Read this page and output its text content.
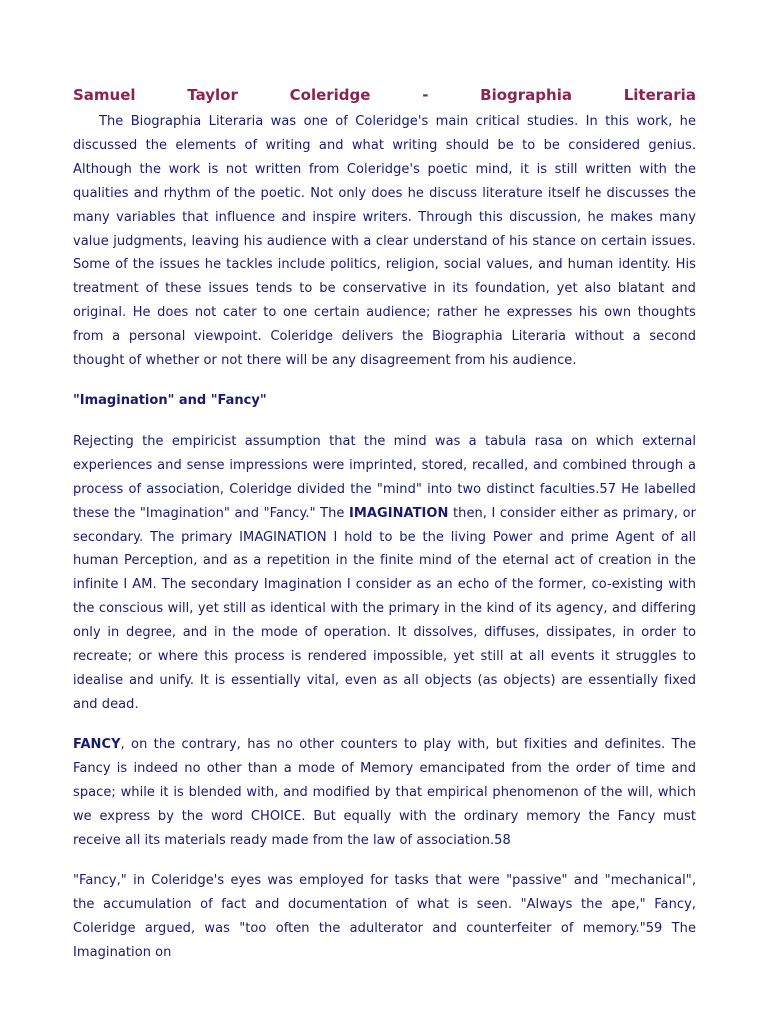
Samuel	Taylor	Coleridge	-	Biographia	Literaria

The Biographia Literaria was one of Coleridge's main critical studies. In this work, he discussed the elements of writing and what writing should be to be considered genius. Although the work is not written from Coleridge's poetic mind, it is still written with the qualities and rhythm of the poetic. Not only does he discuss literature itself he discusses the many variables that influence and inspire writers. Through this discussion, he makes many value judgments, leaving his audience with a clear understand of his stance on certain issues. Some of the issues he tackles include politics, religion, social values, and human identity. His treatment of these issues tends to be conservative in its foundation, yet also blatant and original. He does not cater to one certain audience; rather he expresses his own thoughts from a personal viewpoint. Coleridge delivers the Biographia Literaria without a second thought of whether or not there will be any disagreement from his audience.

"Imagination" and "Fancy"

Rejecting the empiricist assumption that the mind was a tabula rasa on which external experiences and sense impressions were imprinted, stored, recalled, and combined through a process of association, Coleridge divided the "mind" into two distinct faculties.57 He labelled these the "Imagination" and "Fancy." The IMAGINATION then, I consider either as primary, or secondary. The primary IMAGINATION I hold to be the living Power and prime Agent of all human Perception, and as a repetition in the finite mind of the eternal act of creation in the infinite I AM. The secondary Imagination I consider as an echo of the former, co-existing with the conscious will, yet still as identical with the primary in the kind of its agency, and differing only in degree, and in the mode of operation. It dissolves, diffuses, dissipates, in order to recreate; or where this process is rendered impossible, yet still at all events it struggles to idealise and unify. It is essentially vital, even as all objects (as objects) are essentially fixed and dead.

FANCY, on the contrary, has no other counters to play with, but fixities and definites. The Fancy is indeed no other than a mode of Memory emancipated from the order of time and space; while it is blended with, and modified by that empirical phenomenon of the will, which we express by the word CHOICE. But equally with the ordinary memory the Fancy must receive all its materials ready made from the law of association.58

"Fancy," in Coleridge's eyes was employed for tasks that were "passive" and "mechanical", the accumulation of fact and documentation of what is seen. "Always the ape," Fancy, Coleridge argued, was "too often the adulterator and counterfeiter of memory."59 The Imagination on
